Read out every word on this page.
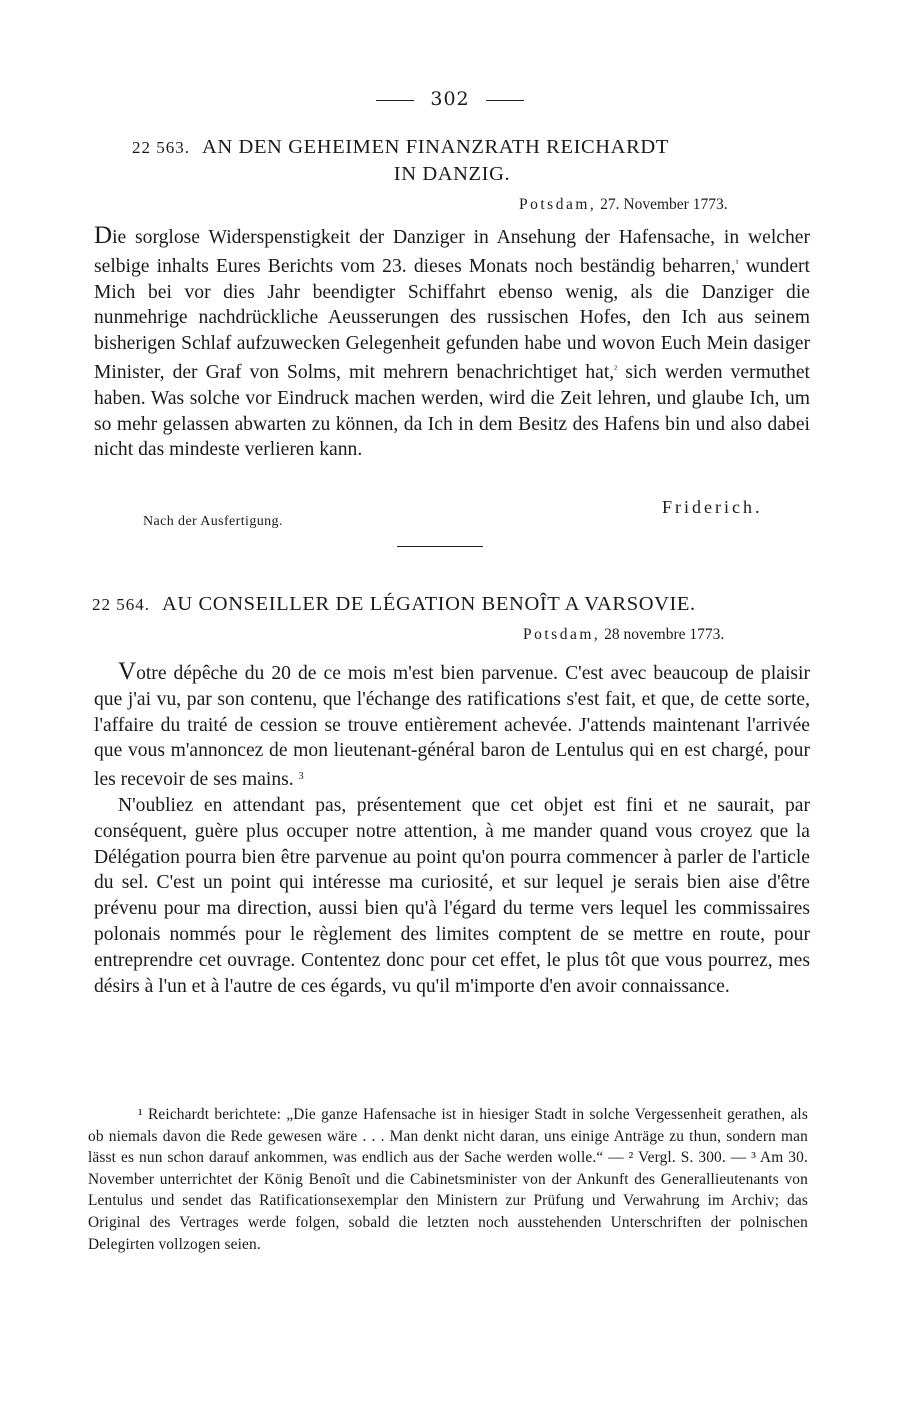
302
22 563. AN DEN GEHEIMEN FINANZRATH REICHARDT
IN DANZIG.
Potsdam, 27. November 1773.

Die sorglose Widerspenstigkeit der Danziger in Ansehung der Hafensache, in welcher selbige inhalts Eures Berichts vom 23. dieses Monats noch beständig beharren,$^{^1}$ wundert Mich bei vor dies Jahr beendigter Schiffahrt ebenso wenig, als die Danziger die nunmehrige nachdrückliche Aeusserungen des russischen Hofes, den Ich aus seinem bisherigen Schlaf aufzuwecken Gelegenheit gefunden habe und wovon Euch Mein dasiger Minister, der Graf von Solms, mit mehrern benachrichtiget hat,$^{^2}$ sich werden vermuthet haben. Was solche vor Eindruck machen werden, wird die Zeit lehren, und glaube Ich, um so mehr gelassen abwarten zu können, da Ich in dem Besitz des Hafens bin und also dabei nicht das mindeste verlieren kann.

Friderich.
Nach der Ausfertigung.
22 564. AU CONSEILLER DE LÉGATION BENOÎT A VARSOVIE.
Potsdam, 28 novembre 1773.

Votre dépêche du 20 de ce mois m'est bien parvenue. C'est avec beaucoup de plaisir que j'ai vu, par son contenu, que l'échange des ratifications s'est fait, et que, de cette sorte, l'affaire du traité de cession se trouve entièrement achevée. J'attends maintenant l'arrivée que vous m'annoncez de mon lieutenant-général baron de Lentulus qui en est chargé, pour les recevoir de ses mains. $^3$

N'oubliez en attendant pas, présentement que cet objet est fini et ne saurait, par conséquent, guère plus occuper notre attention, à me mander quand vous croyez que la Délégation pourra bien être parvenue au point qu'on pourra commencer à parler de l'article du sel. C'est un point qui intéresse ma curiosité, et sur lequel je serais bien aise d'être prévenu pour ma direction, aussi bien qu'à l'égard du terme vers lequel les commissaires polonais nommés pour le règlement des limites comptent de se mettre en route, pour entreprendre cet ouvrage. Contentez donc pour cet effet, le plus tôt que vous pourrez, mes désirs à l'un et à l'autre de ces égards, vu qu'il m'importe d'en avoir connaissance.

¹ Reichardt berichtete: „Die ganze Hafensache ist in hiesiger Stadt in solche Vergessenheit gerathen, als ob niemals davon die Rede gewesen wäre . . . Man denkt nicht daran, uns einige Anträge zu thun, sondern man lässt es nun schon darauf ankommen, was endlich aus der Sache werden wolle.“ — ² Vergl. S. 300. — ³ Am 30. November unterrichtet der König Benoît und die Cabinetsminister von der Ankunft des Generallieutenants von Lentulus und sendet das Ratificationsexemplar den Ministern zur Prüfung und Verwahrung im Archiv; das Original des Vertrages werde folgen, sobald die letzten noch ausstehenden Unterschriften der polnischen Delegirten vollzogen seien.
